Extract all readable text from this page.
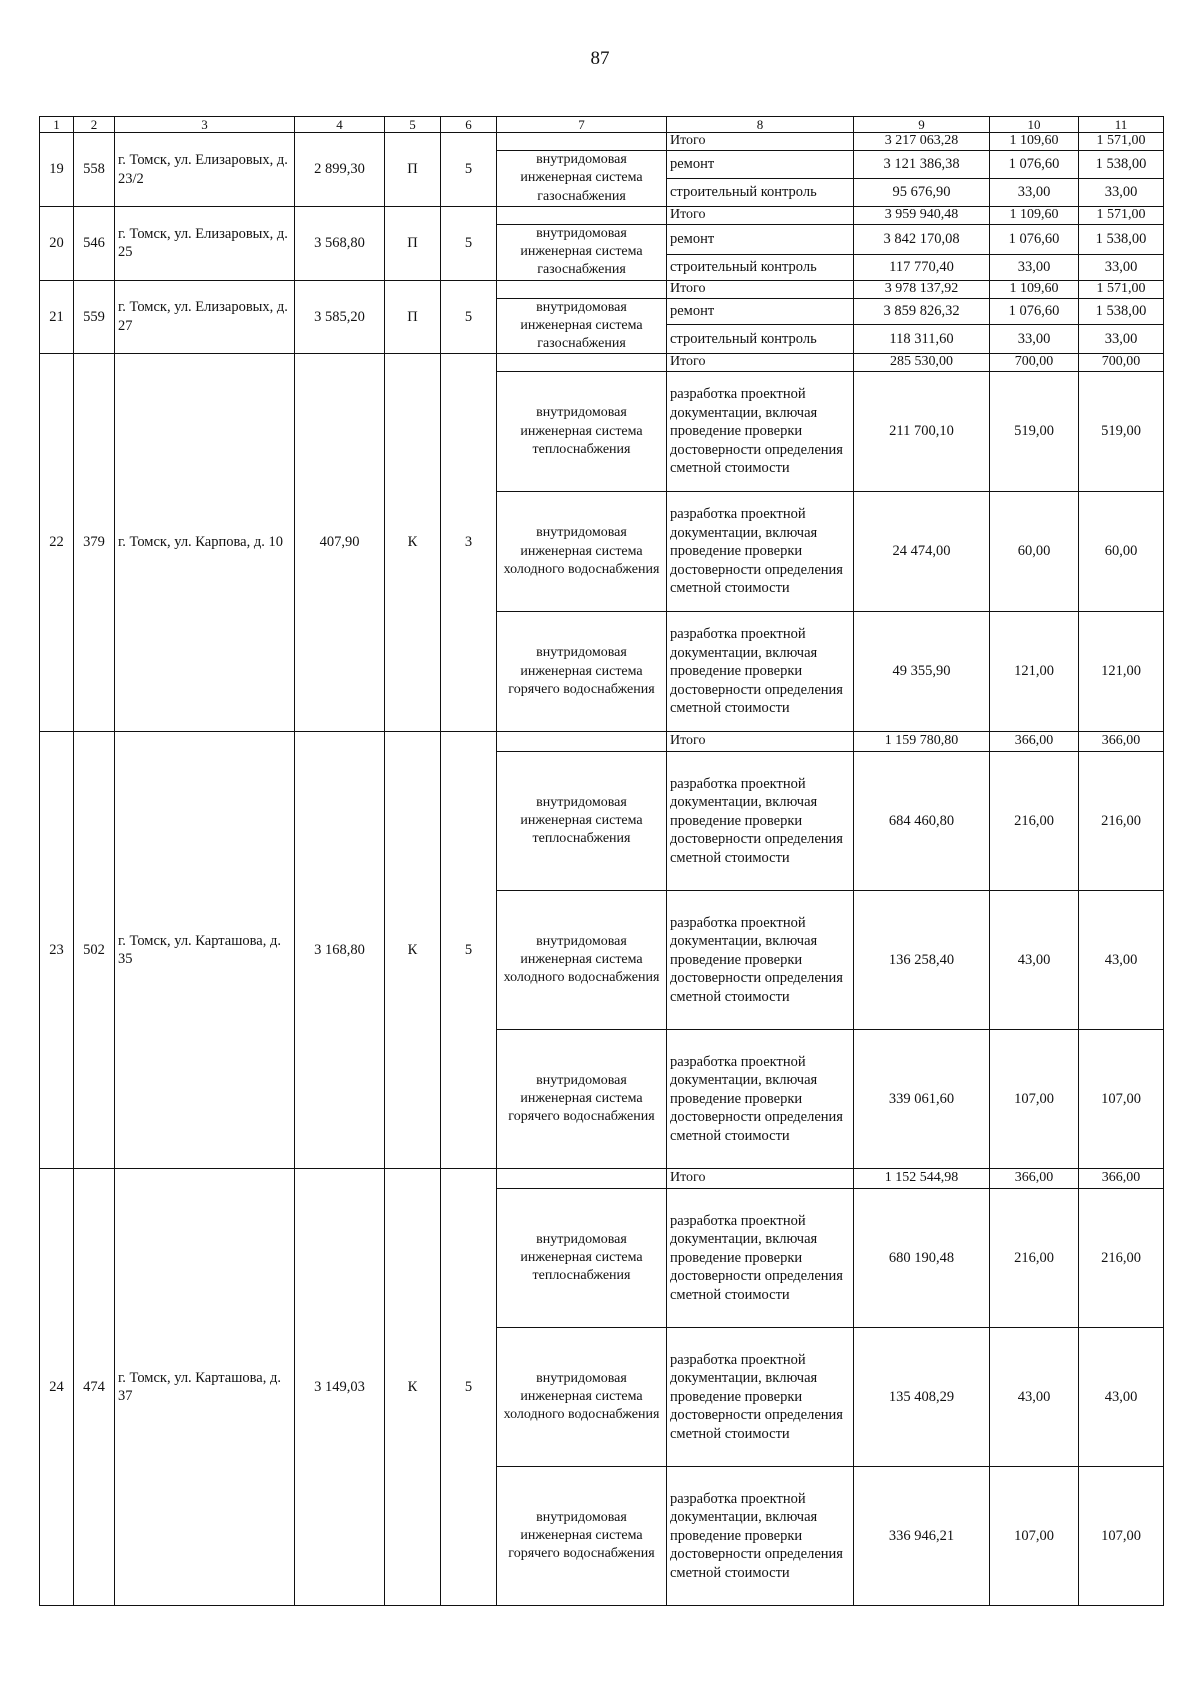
87
1	2	3	4	5	6	7	8	9	10	11
19	558	г. Томск, ул. Елизаровых, д. 23/2	2 899,30	П	5		Итого	3 217 063,28	1 109,60	1 571,00
						внутридомовая инженерная система газоснабжения	ремонт	3 121 386,38	1 076,60	1 538,00
							строительный контроль	95 676,90	33,00	33,00
20	546	г. Томск, ул. Елизаровых, д. 25	3 568,80	П	5		Итого	3 959 940,48	1 109,60	1 571,00
						внутридомовая инженерная система газоснабжения	ремонт	3 842 170,08	1 076,60	1 538,00
							строительный контроль	117 770,40	33,00	33,00
21	559	г. Томск, ул. Елизаровых, д. 27	3 585,20	П	5		Итого	3 978 137,92	1 109,60	1 571,00
						внутридомовая инженерная система газоснабжения	ремонт	3 859 826,32	1 076,60	1 538,00
							строительный контроль	118 311,60	33,00	33,00
22	379	г. Томск, ул. Карпова, д. 10	407,90	К	3		Итого	285 530,00	700,00	700,00
						внутридомовая инженерная система теплоснабжения	разработка проектной документации, включая проведение проверки достоверности определения сметной стоимости	211 700,10	519,00	519,00
						внутридомовая инженерная система холодного водоснабжения	разработка проектной документации, включая проведение проверки достоверности определения сметной стоимости	24 474,00	60,00	60,00
						внутридомовая инженерная система горячего водоснабжения	разработка проектной документации, включая проведение проверки достоверности определения сметной стоимости	49 355,90	121,00	121,00
23	502	г. Томск, ул. Карташова, д. 35	3 168,80	К	5		Итого	1 159 780,80	366,00	366,00
						внутридомовая инженерная система теплоснабжения	разработка проектной документации, включая проведение проверки достоверности определения сметной стоимости	684 460,80	216,00	216,00
						внутридомовая инженерная система холодного водоснабжения	разработка проектной документации, включая проведение проверки достоверности определения сметной стоимости	136 258,40	43,00	43,00
						внутридомовая инженерная система горячего водоснабжения	разработка проектной документации, включая проведение проверки достоверности определения сметной стоимости	339 061,60	107,00	107,00
24	474	г. Томск, ул. Карташова, д. 37	3 149,03	К	5		Итого	1 152 544,98	366,00	366,00
						внутридомовая инженерная система теплоснабжения	разработка проектной документации, включая проведение проверки достоверности определения сметной стоимости	680 190,48	216,00	216,00
						внутридомовая инженерная система холодного водоснабжения	разработка проектной документации, включая проведение проверки достоверности определения сметной стоимости	135 408,29	43,00	43,00
						внутридомовая инженерная система горячего водоснабжения	разработка проектной документации, включая проведение проверки достоверности определения сметной стоимости	336 946,21	107,00	107,00
